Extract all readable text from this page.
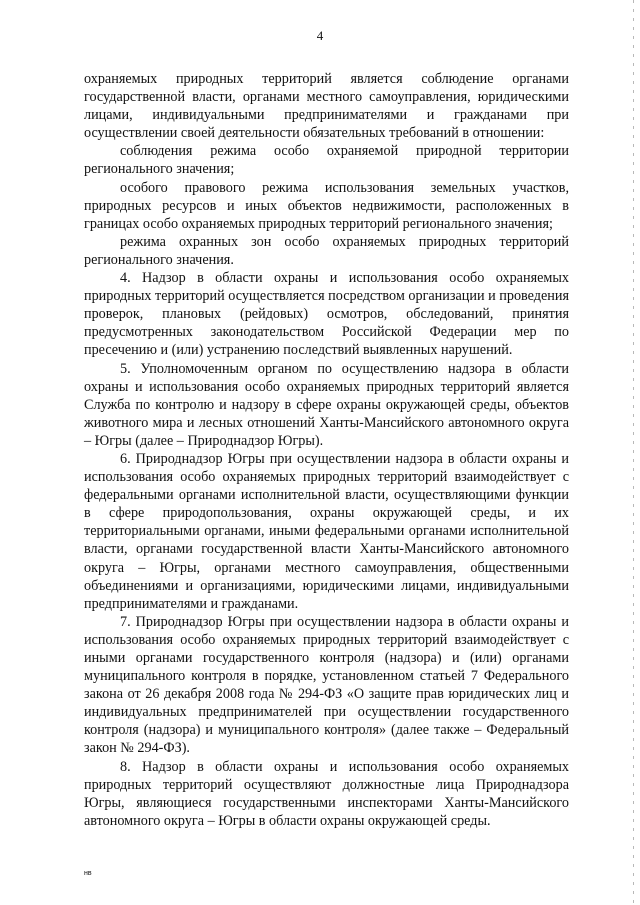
4

охраняемых природных территорий является соблюдение органами государственной власти, органами местного самоуправления, юридическими лицами, индивидуальными предпринимателями и гражданами при осуществлении своей деятельности обязательных требований в отношении:

соблюдения режима особо охраняемой природной территории регионального значения;

особого правового режима использования земельных участков, природных ресурсов и иных объектов недвижимости, расположенных в границах особо охраняемых природных территорий регионального значения;

режима охранных зон особо охраняемых природных территорий регионального значения.

4. Надзор в области охраны и использования особо охраняемых природных территорий осуществляется посредством организации и проведения проверок, плановых (рейдовых) осмотров, обследований, принятия предусмотренных законодательством Российской Федерации мер по пресечению и (или) устранению последствий выявленных нарушений.

5. Уполномоченным органом по осуществлению надзора в области охраны и использования особо охраняемых природных территорий является Служба по контролю и надзору в сфере охраны окружающей среды, объектов животного мира и лесных отношений Ханты-Мансийского автономного округа – Югры (далее – Природнадзор Югры).

6. Природнадзор Югры при осуществлении надзора в области охраны и использования особо охраняемых природных территорий взаимодействует с федеральными органами исполнительной власти, осуществляющими функции в сфере природопользования, охраны окружающей среды, и их территориальными органами, иными федеральными органами исполнительной власти, органами государственной власти Ханты-Мансийского автономного округа – Югры, органами местного самоуправления, общественными объединениями и организациями, юридическими лицами, индивидуальными предпринимателями и гражданами.

7. Природнадзор Югры при осуществлении надзора в области охраны и использования особо охраняемых природных территорий взаимодействует с иными органами государственного контроля (надзора) и (или) органами муниципального контроля в порядке, установленном статьей 7 Федерального закона от 26 декабря 2008 года № 294-ФЗ «О защите прав юридических лиц и индивидуальных предпринимателей при осуществлении государственного контроля (надзора) и муниципального контроля» (далее также – Федеральный закон № 294-ФЗ).

8. Надзор в области охраны и использования особо охраняемых природных территорий осуществляют должностные лица Природнадзора Югры, являющиеся государственными инспекторами Ханты-Мансийского автономного округа – Югры в области охраны окружающей среды.

нв
